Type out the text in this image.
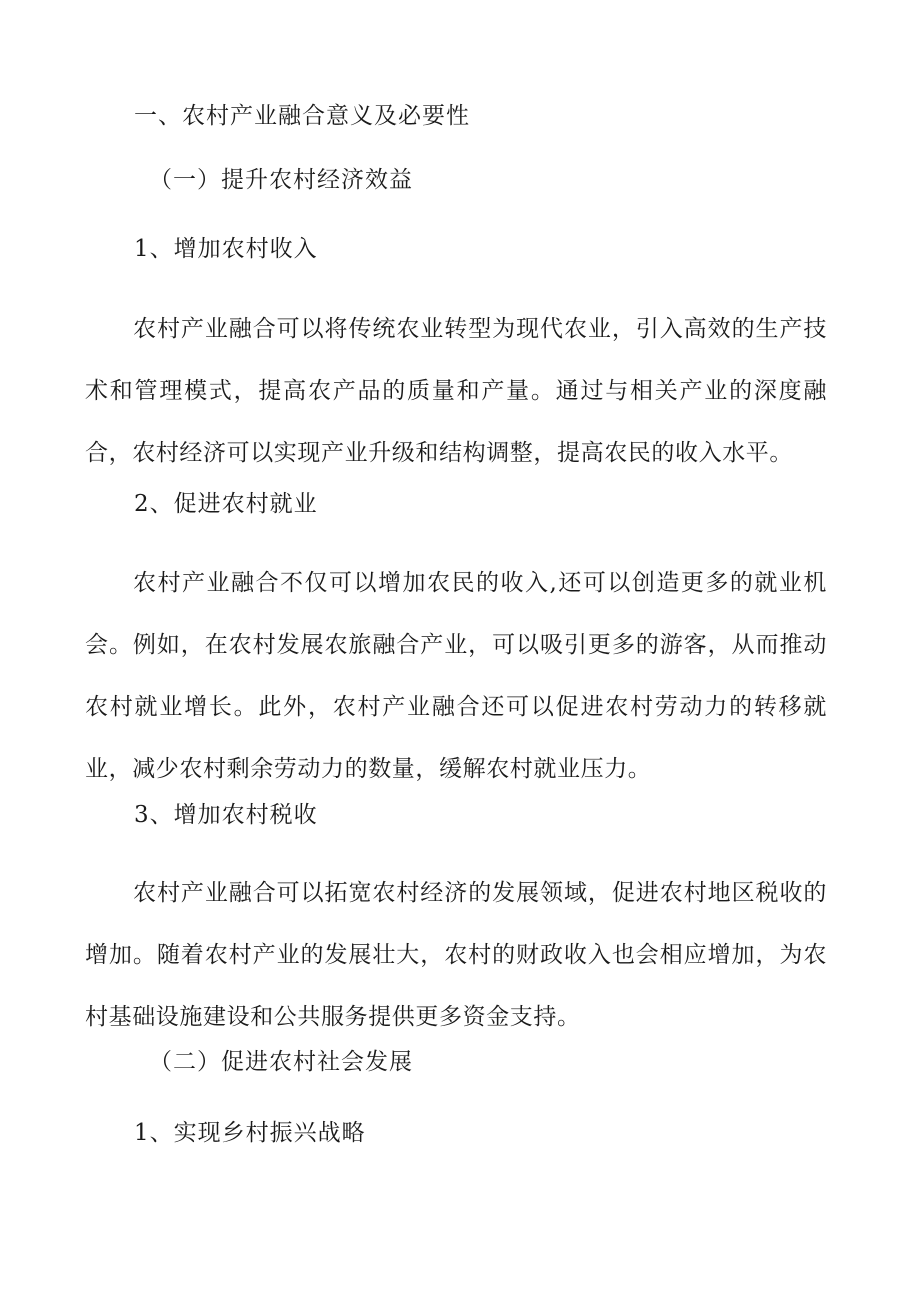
一、农村产业融合意义及必要性
（一）提升农村经济效益
1、增加农村收入
农村产业融合可以将传统农业转型为现代农业，引入高效的生产技术和管理模式，提高农产品的质量和产量。通过与相关产业的深度融合，农村经济可以实现产业升级和结构调整，提高农民的收入水平。
2、促进农村就业
农村产业融合不仅可以增加农民的收入,还可以创造更多的就业机会。例如，在农村发展农旅融合产业，可以吸引更多的游客，从而推动农村就业增长。此外，农村产业融合还可以促进农村劳动力的转移就业，减少农村剩余劳动力的数量，缓解农村就业压力。
3、增加农村税收
农村产业融合可以拓宽农村经济的发展领域，促进农村地区税收的增加。随着农村产业的发展壮大，农村的财政收入也会相应增加，为农村基础设施建设和公共服务提供更多资金支持。
（二）促进农村社会发展
1、实现乡村振兴战略
